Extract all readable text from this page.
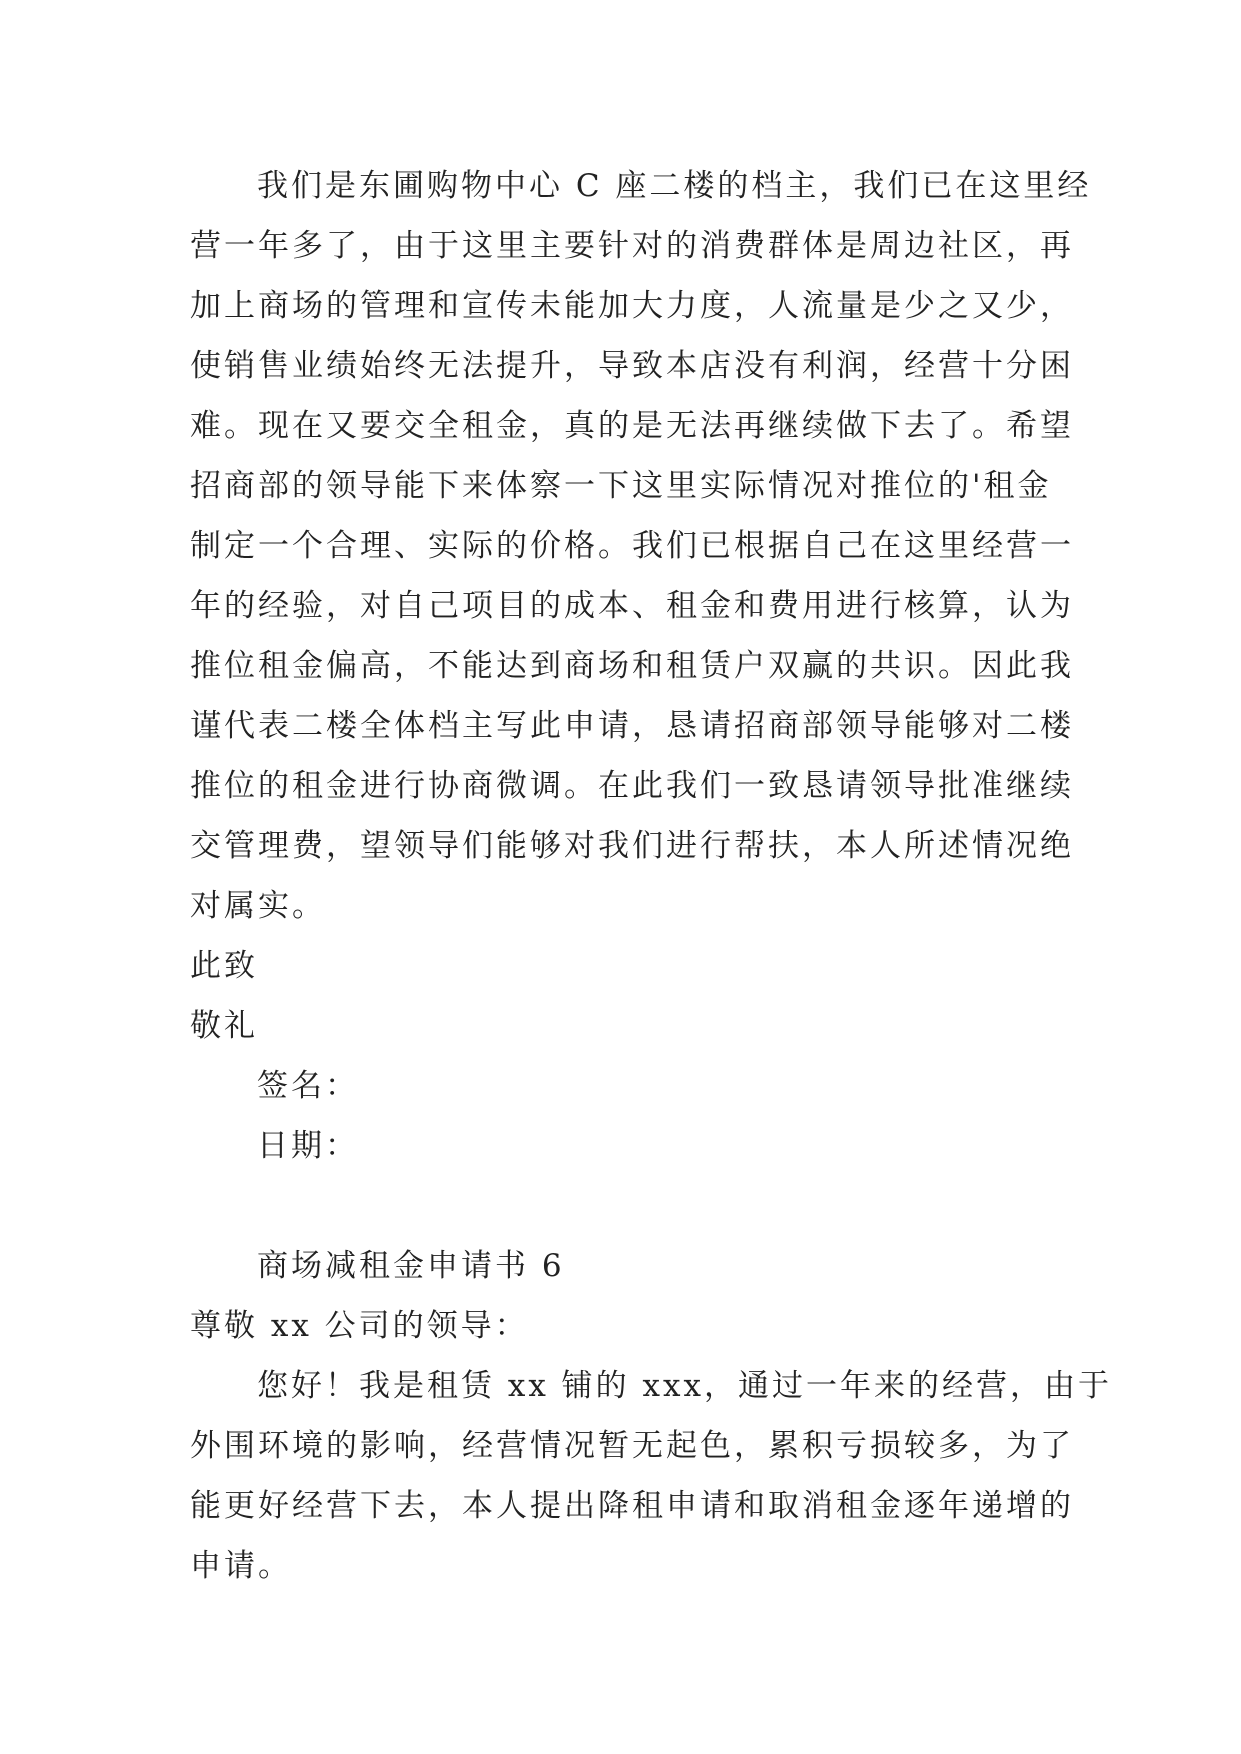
我们是东圃购物中心 C 座二楼的档主，我们已在这里经
营一年多了，由于这里主要针对的消费群体是周边社区，再
加上商场的管理和宣传未能加大力度，人流量是少之又少，
使销售业绩始终无法提升，导致本店没有利润，经营十分困
难。现在又要交全租金，真的是无法再继续做下去了。希望
招商部的领导能下来体察一下这里实际情况对推位的'租金
制定一个合理、实际的价格。我们已根据自己在这里经营一
年的经验，对自己项目的成本、租金和费用进行核算，认为
推位租金偏高，不能达到商场和租赁户双赢的共识。因此我
谨代表二楼全体档主写此申请，恳请招商部领导能够对二楼
推位的租金进行协商微调。在此我们一致恳请领导批准继续
交管理费，望领导们能够对我们进行帮扶，本人所述情况绝
对属实。
此致
敬礼
签名：
日期：
商场减租金申请书 6
尊敬 xx 公司的领导：
您好！我是租赁 xx 铺的 xxx，通过一年来的经营，由于
外围环境的影响，经营情况暂无起色，累积亏损较多，为了
能更好经营下去，本人提出降租申请和取消租金逐年递增的
申请。
